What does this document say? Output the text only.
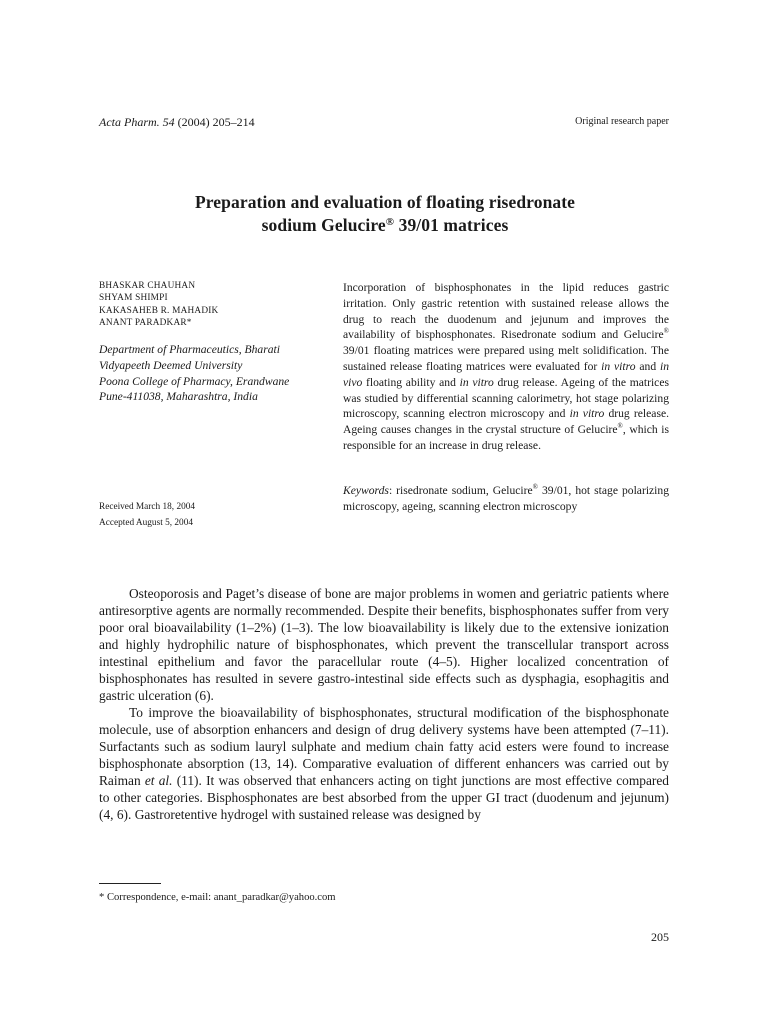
Acta Pharm. 54 (2004) 205–214	Original research paper
Preparation and evaluation of floating risedronate
sodium Gelucire® 39/01 matrices
BHASKAR CHAUHAN
SHYAM SHIMPI
KAKASAHEB R. MAHADIK
ANANT PARADKAR*
Department of Pharmaceutics, Bharati
Vidyapeeth Deemed University
Poona College of Pharmacy, Erandwane
Pune-411038, Maharashtra, India
Received March 18, 2004
Accepted August 5, 2004
Incorporation of bisphosphonates in the lipid reduces gastric irritation. Only gastric retention with sustained release allows the drug to reach the duodenum and jejunum and improves the availability of bisphosphonates. Risedronate sodium and Gelucire® 39/01 floating matrices were prepared using melt solidification. The sustained release floating matrices were evaluated for in vitro and in vivo floating ability and in vitro drug release. Ageing of the matrices was studied by differential scanning calorimetry, hot stage polarizing microscopy, scanning electron microscopy and in vitro drug release. Ageing causes changes in the crystal structure of Gelucire®, which is responsible for an increase in drug release.
Keywords: risedronate sodium, Gelucire® 39/01, hot stage polarizing microscopy, ageing, scanning electron microscopy

Osteoporosis and Paget’s disease of bone are major problems in women and geriatric patients where antiresorptive agents are normally recommended. Despite their benefits, bisphosphonates suffer from very poor oral bioavailability (1–2%) (1–3). The low bioavailability is likely due to the extensive ionization and highly hydrophilic nature of bisphosphonates, which prevent the transcellular transport across intestinal epithelium and favor the paracellular route (4–5). Higher localized concentration of bisphosphonates has resulted in severe gastro-intestinal side effects such as dysphagia, esophagitis and gastric ulceration (6).

To improve the bioavailability of bisphosphonates, structural modification of the bisphosphonate molecule, use of absorption enhancers and design of drug delivery systems have been attempted (7–11). Surfactants such as sodium lauryl sulphate and medium chain fatty acid esters were found to increase bisphosphonate absorption (13, 14). Comparative evaluation of different enhancers was carried out by Raiman et al. (11). It was observed that enhancers acting on tight junctions are most effective compared to other categories. Bisphosphonates are best absorbed from the upper GI tract (duodenum and jejunum) (4, 6). Gastroretentive hydrogel with sustained release was designed by

* Correspondence, e-mail: anant_paradkar@yahoo.com
205
